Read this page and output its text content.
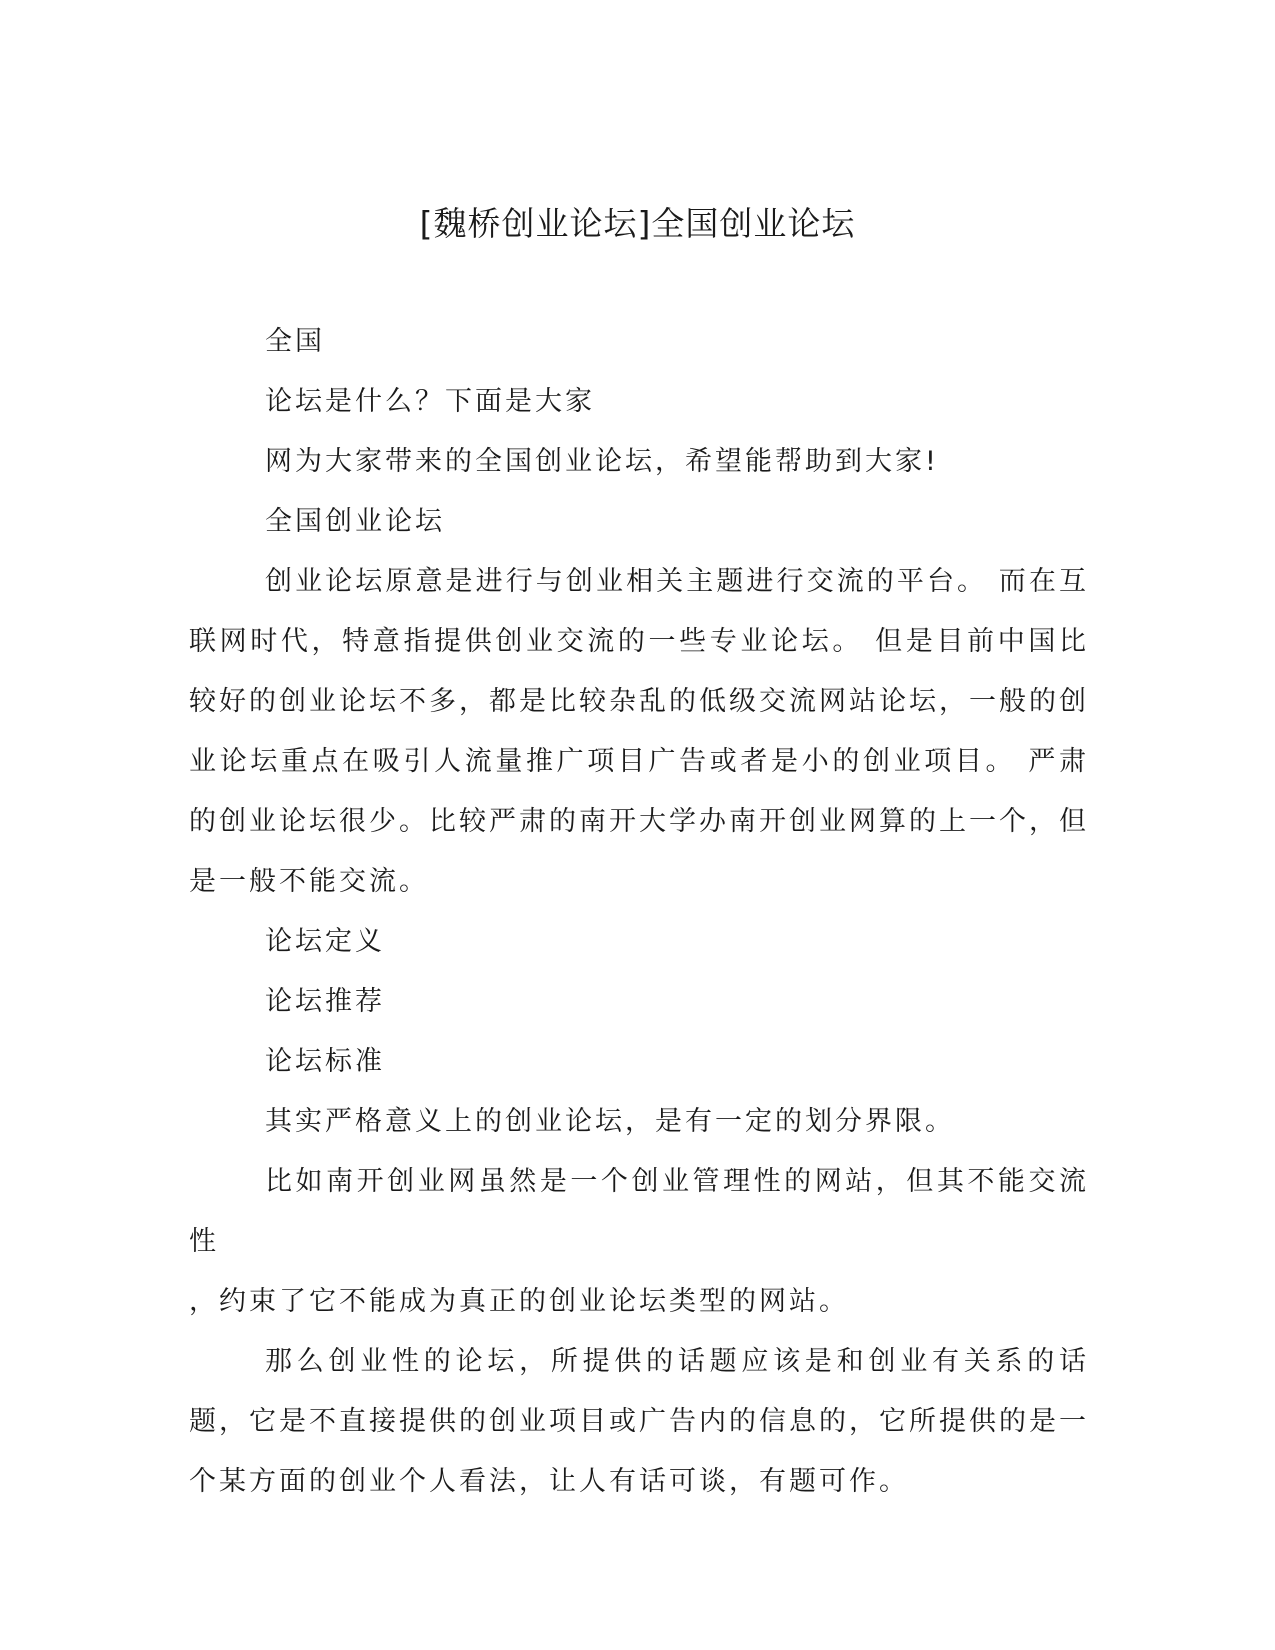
[魏桥创业论坛]全国创业论坛

全国

论坛是什么？下面是大家

网为大家带来的全国创业论坛，希望能帮助到大家!

全国创业论坛

创业论坛原意是进行与创业相关主题进行交流的平台。 而在互联网时代，特意指提供创业交流的一些专业论坛。 但是目前中国比较好的创业论坛不多，都是比较杂乱的低级交流网站论坛，一般的创业论坛重点在吸引人流量推广项目广告或者是小的创业项目。 严肃的创业论坛很少。比较严肃的南开大学办南开创业网算的上一个，但是一般不能交流。

论坛定义

论坛推荐

论坛标准

其实严格意义上的创业论坛，是有一定的划分界限。

比如南开创业网虽然是一个创业管理性的网站，但其不能交流性

，约束了它不能成为真正的创业论坛类型的网站。

那么创业性的论坛，所提供的话题应该是和创业有关系的话题，它是不直接提供的创业项目或广告内的信息的，它所提供的是一个某方面的创业个人看法，让人有话可谈，有题可作。
